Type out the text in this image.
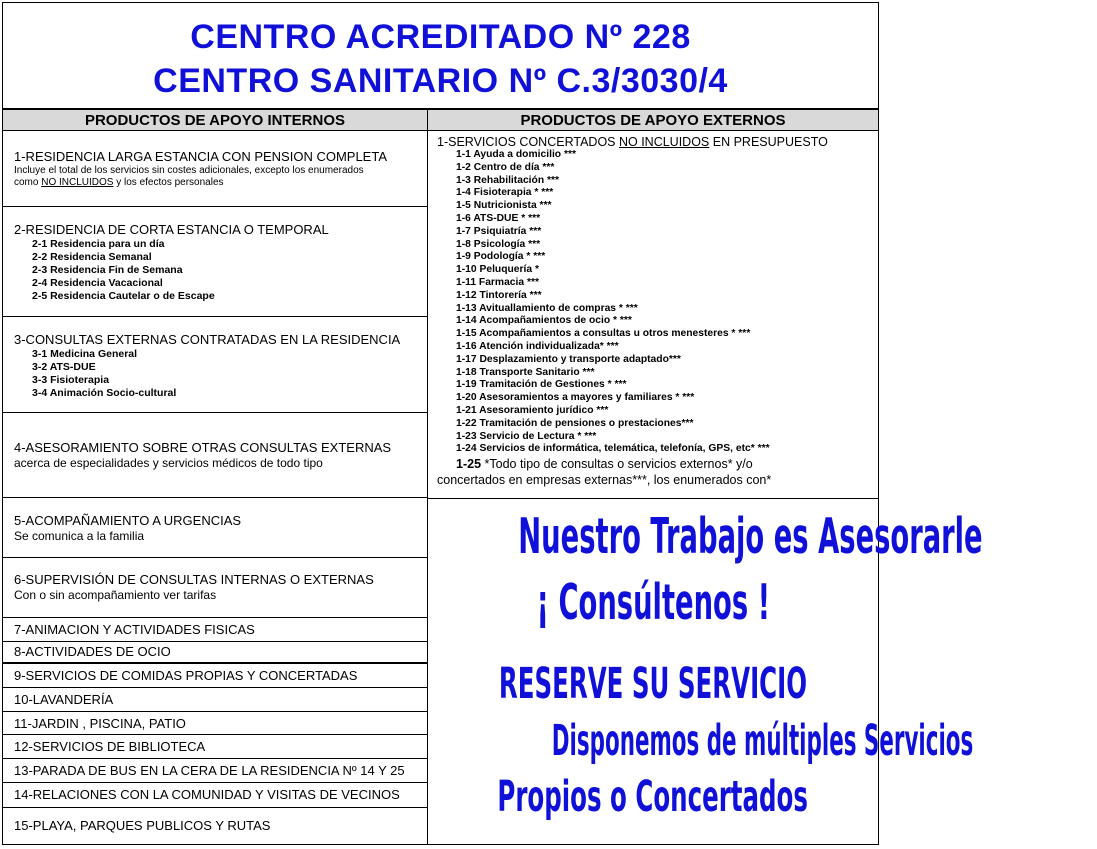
CENTRO ACREDITADO Nº 228
CENTRO SANITARIO Nº C.3/3030/4
PRODUCTOS DE APOYO INTERNOS
1-RESIDENCIA LARGA ESTANCIA CON PENSION COMPLETA
Incluye el total de los servicios sin costes adicionales, excepto los enumerados
como NO INCLUIDOS y los efectos personales
2-RESIDENCIA DE CORTA ESTANCIA O TEMPORAL
2-1 Residencia para un día
2-2 Residencia Semanal
2-3 Residencia Fin de Semana
2-4 Residencia Vacacional
2-5 Residencia Cautelar o de Escape
3-CONSULTAS EXTERNAS CONTRATADAS EN LA RESIDENCIA
3-1 Medicina General
3-2 ATS-DUE
3-3 Fisioterapia
3-4 Animación Socio-cultural
4-ASESORAMIENTO SOBRE OTRAS CONSULTAS EXTERNAS
acerca de especialidades y servicios médicos de todo tipo
5-ACOMPAÑAMIENTO A URGENCIAS
Se comunica a la familia
6-SUPERVISIÓN DE CONSULTAS INTERNAS O EXTERNAS
Con o sin acompañamiento ver tarifas
7-ANIMACION Y ACTIVIDADES FISICAS
8-ACTIVIDADES DE OCIO
9-SERVICIOS DE COMIDAS PROPIAS Y CONCERTADAS
10-LAVANDERÍA
11-JARDIN , PISCINA, PATIO
12-SERVICIOS DE BIBLIOTECA
13-PARADA DE BUS EN LA CERA DE LA RESIDENCIA Nº 14 Y 25
14-RELACIONES CON LA COMUNIDAD Y VISITAS DE VECINOS
15-PLAYA, PARQUES PUBLICOS Y RUTAS
PRODUCTOS DE APOYO EXTERNOS
1-SERVICIOS CONCERTADOS NO INCLUIDOS EN PRESUPUESTO
1-1 Ayuda a domicilio ***
1-2 Centro de día ***
1-3 Rehabilitación ***
1-4 Fisioterapia * ***
1-5 Nutricionista ***
1-6 ATS-DUE * ***
1-7 Psiquiatría ***
1-8 Psicología ***
1-9 Podología * ***
1-10 Peluquería *
1-11 Farmacia ***
1-12 Tintorería ***
1-13 Avituallamiento de compras * ***
1-14 Acompañamientos de ocio * ***
1-15 Acompañamientos a consultas u otros menesteres * ***
1-16 Atención individualizada* ***
1-17 Desplazamiento y transporte adaptado***
1-18 Transporte Sanitario ***
1-19 Tramitación de Gestiones * ***
1-20 Asesoramientos a mayores y familiares * ***
1-21 Asesoramiento jurídico ***
1-22 Tramitación de pensiones o prestaciones***
1-23 Servicio de Lectura * ***
1-24 Servicios de informática, telemática, telefonía, GPS, etc* ***
1-25 *Todo tipo de consultas o servicios externos* y/o
concertados en empresas externas***, los enumerados con*
Nuestro Trabajo es Asesorarle
¡ Consúltenos !
RESERVE SU SERVICIO
Disponemos de múltiples Servicios
Propios o Concertados
